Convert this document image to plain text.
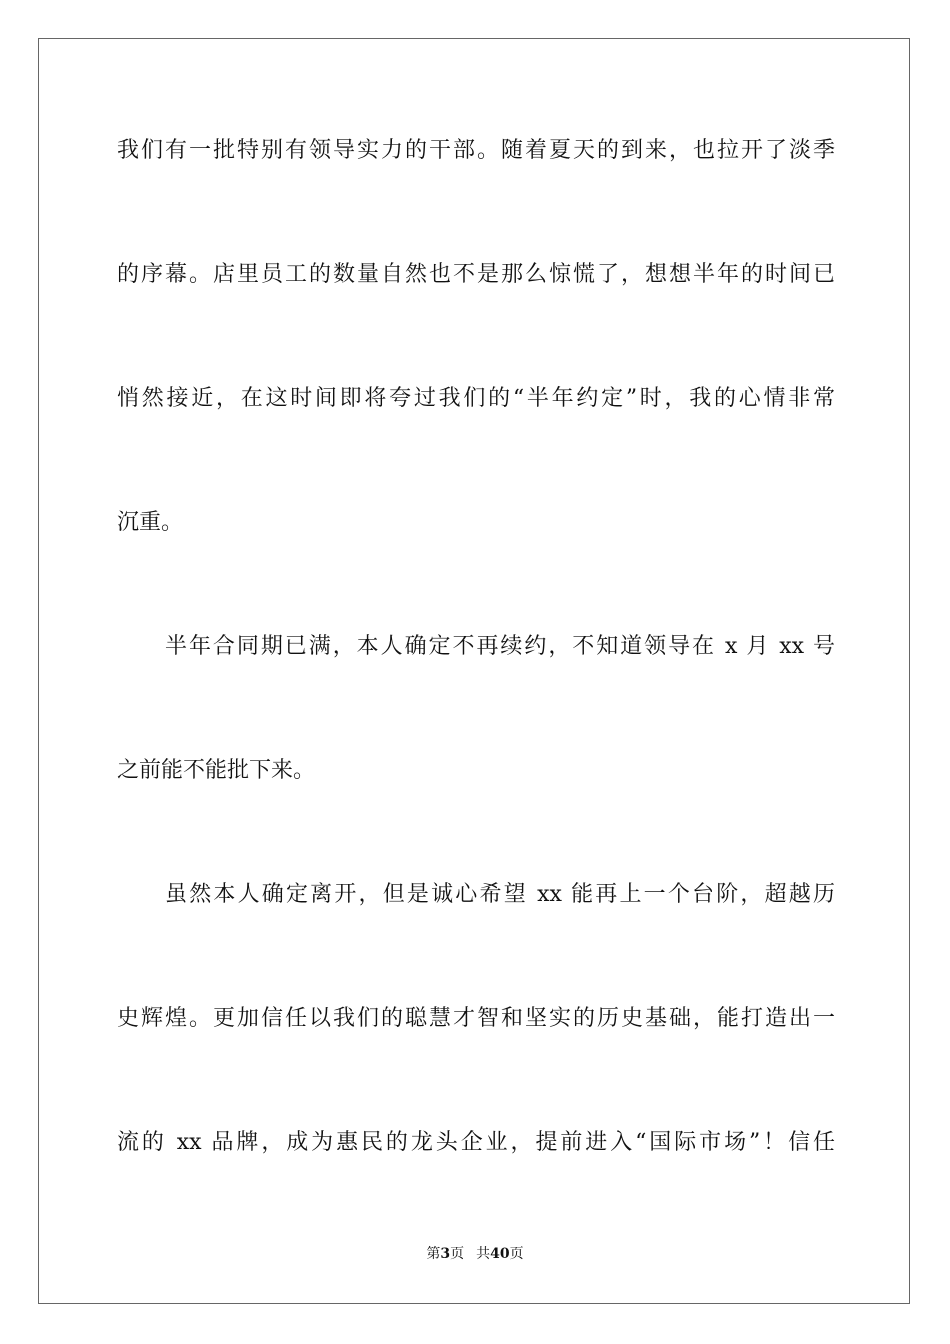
我们有一批特别有领导实力的干部。随着夏天的到来，也拉开了淡季
的序幕。店里员工的数量自然也不是那么惊慌了，想想半年的时间已
悄然接近，在这时间即将夸过我们的“半年约定”时，我的心情非常
沉重。
半年合同期已满，本人确定不再续约，不知道领导在 x 月 xx 号
之前能不能批下来。
虽然本人确定离开，但是诚心希望 xx 能再上一个台阶，超越历
史辉煌。更加信任以我们的聪慧才智和坚实的历史基础，能打造出一
流的 xx 品牌，成为惠民的龙头企业，提前进入“国际市场”！信任
第3页 共40页
